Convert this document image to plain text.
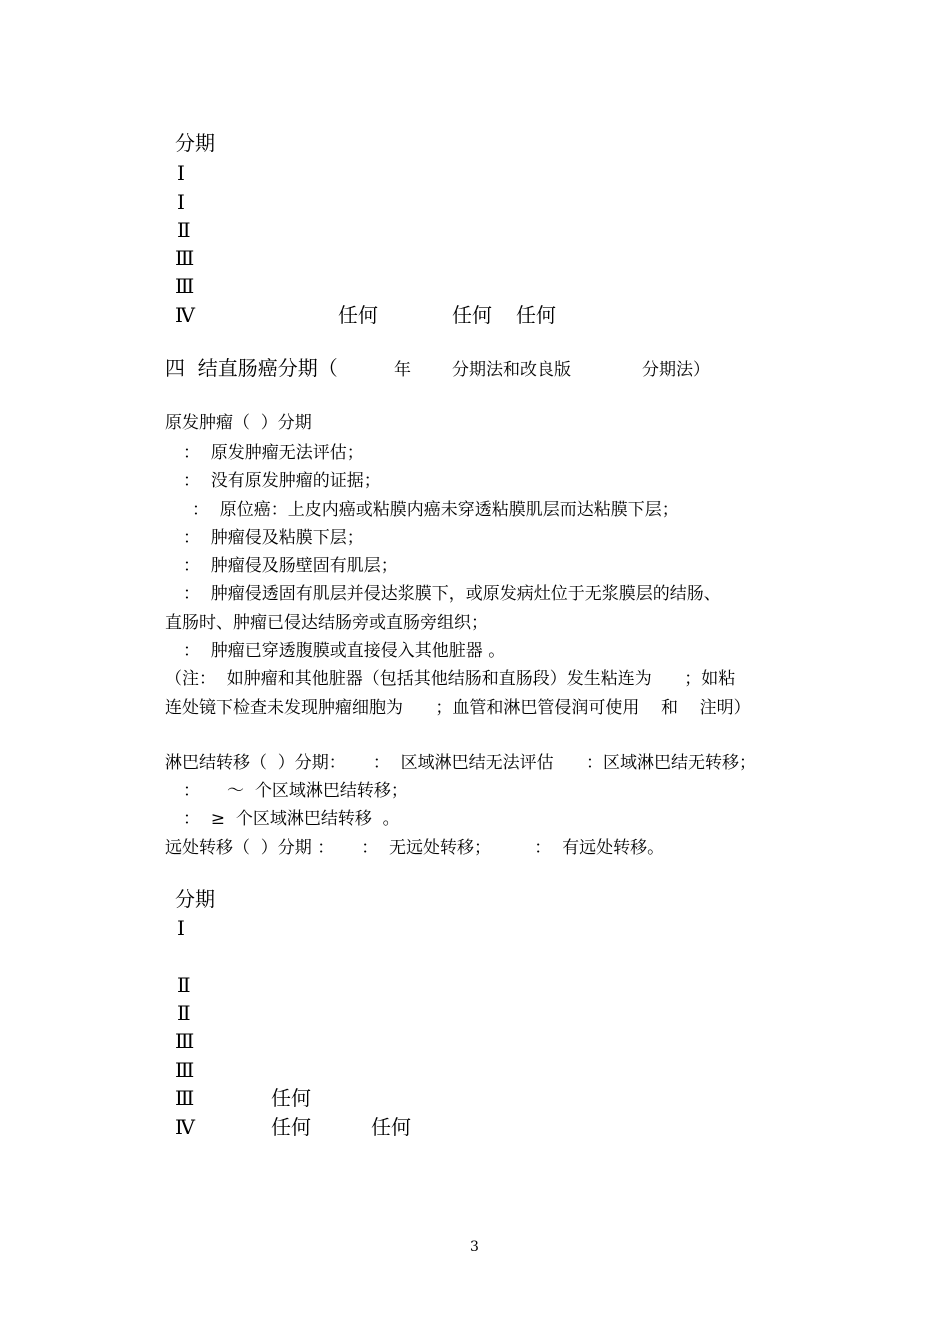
分期
Ⅰ
Ⅰ
Ⅱ
Ⅲ
Ⅲ
Ⅳ	任何	任何 任何
四  结直肠癌分期（	年 分期法和改良版	分期法）
原发肿瘤（  ）分期
：  原发肿瘤无法评估；
：  没有原发肿瘤的证据；
：  原位癌：上皮内癌或粘膜内癌未穿透粘膜肌层而达粘膜下层；
：  肿瘤侵及粘膜下层；
：  肿瘤侵及肠壁固有肌层；
：  肿瘤侵透固有肌层并侵达浆膜下，或原发病灶位于无浆膜层的结肠、
直肠时、肿瘤已侵达结肠旁或直肠旁组织；
：  肿瘤已穿透腹膜或直接侵入其他脏器 。
（注：  如肿瘤和其他脏器（包括其他结肠和直肠段）发生粘连为      ；如粘
连处镜下检查未发现肿瘤细胞为      ；血管和淋巴管侵润可使用    和    注明）
淋巴结转移（  ）分期：     ：  区域淋巴结无法评估      ：区域淋巴结无转移；
：     ～  个区域淋巴结转移；
：  ≥  个区域淋巴结转移  。
远处转移（  ）分期 ：     ：  无远处转移；        ：  有远处转移。
分期
Ⅰ
Ⅱ
Ⅱ
Ⅲ
Ⅲ
Ⅲ	任何
Ⅳ	任何	任何
3
